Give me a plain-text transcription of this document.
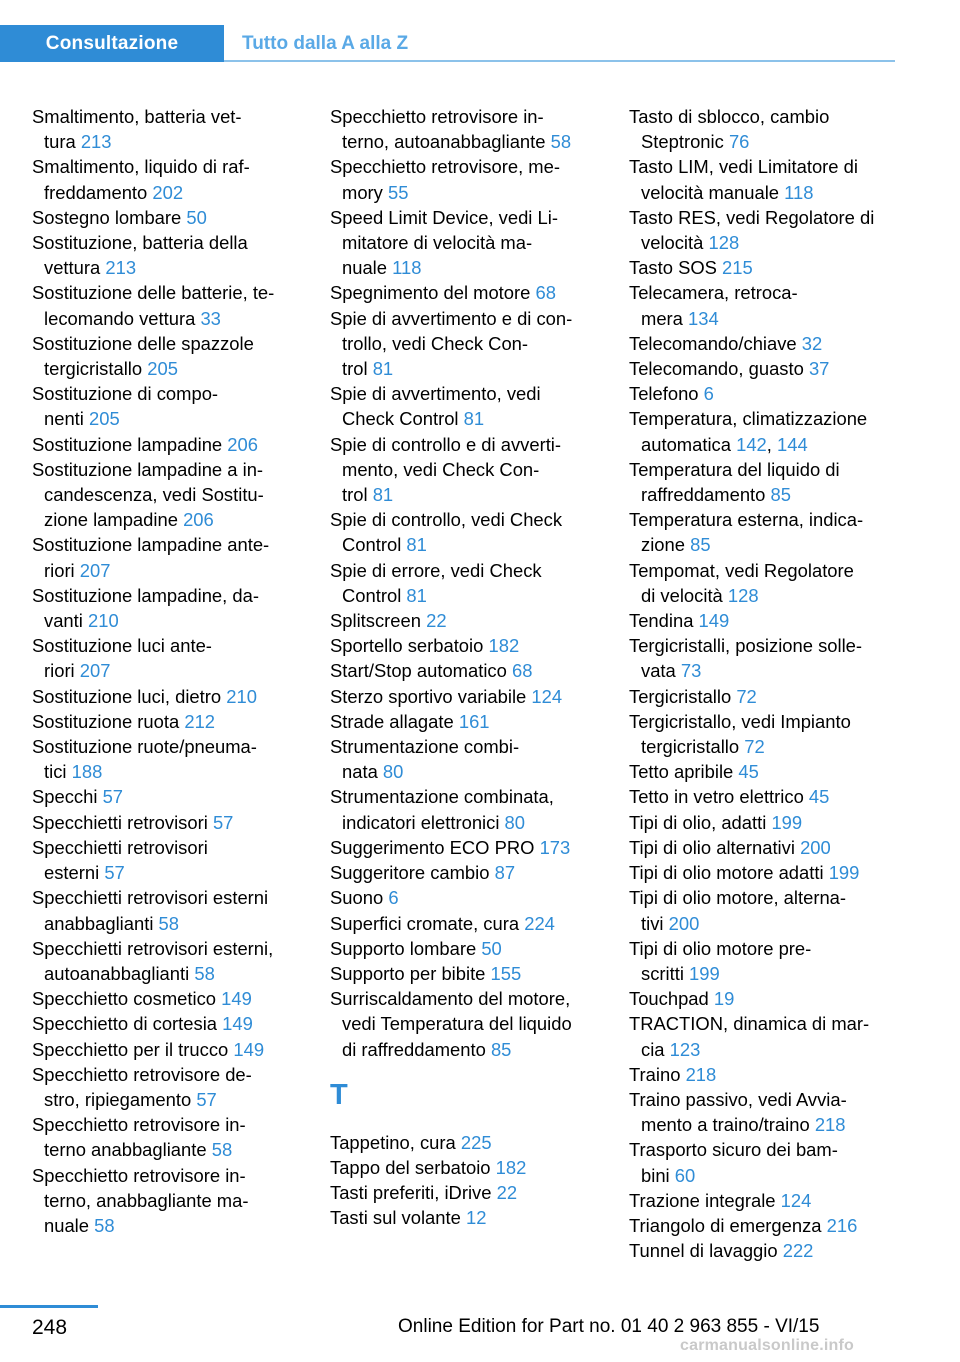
Consultazione	Tutto dalla A alla Z
Smaltimento, batteria vet-
tura 213
Smaltimento, liquido di raf-
freddamento 202
Sostegno lombare 50
Sostituzione, batteria della
vettura 213
Sostituzione delle batterie, te-
lecomando vettura 33
Sostituzione delle spazzole
tergicristallo 205
Sostituzione di compo-
nenti 205
Sostituzione lampadine 206
Sostituzione lampadine a in-
candescenza, vedi Sostitu-
zione lampadine 206
Sostituzione lampadine ante-
riori 207
Sostituzione lampadine, da-
vanti 210
Sostituzione luci ante-
riori 207
Sostituzione luci, dietro 210
Sostituzione ruota 212
Sostituzione ruote/pneuma-
tici 188
Specchi 57
Specchietti retrovisori 57
Specchietti retrovisori
esterni 57
Specchietti retrovisori esterni
anabbaglianti 58
Specchietti retrovisori esterni,
autoanabbaglianti 58
Specchietto cosmetico 149
Specchietto di cortesia 149
Specchietto per il trucco 149
Specchietto retrovisore de-
stro, ripiegamento 57
Specchietto retrovisore in-
terno anabbagliante 58
Specchietto retrovisore in-
terno, anabbagliante ma-
nuale 58
Specchietto retrovisore in-
terno, autoanabbagliante 58
Specchietto retrovisore, me-
mory 55
Speed Limit Device, vedi Li-
mitatore di velocità ma-
nuale 118
Spegnimento del motore 68
Spie di avvertimento e di con-
trollo, vedi Check Con-
trol 81
Spie di avvertimento, vedi
Check Control 81
Spie di controllo e di avverti-
mento, vedi Check Con-
trol 81
Spie di controllo, vedi Check
Control 81
Spie di errore, vedi Check
Control 81
Splitscreen 22
Sportello serbatoio 182
Start/Stop automatico 68
Sterzo sportivo variabile 124
Strade allagate 161
Strumentazione combi-
nata 80
Strumentazione combinata,
indicatori elettronici 80
Suggerimento ECO PRO 173
Suggeritore cambio 87
Suono 6
Superfici cromate, cura 224
Supporto lombare 50
Supporto per bibite 155
Surriscaldamento del motore,
vedi Temperatura del liquido
di raffreddamento 85
T
Tappetino, cura 225
Tappo del serbatoio 182
Tasti preferiti, iDrive 22
Tasti sul volante 12
Tasto di sblocco, cambio
Steptronic 76
Tasto LIM, vedi Limitatore di
velocità manuale 118
Tasto RES, vedi Regolatore di
velocità 128
Tasto SOS 215
Telecamera, retroca-
mera 134
Telecomando/chiave 32
Telecomando, guasto 37
Telefono 6
Temperatura, climatizzazione
automatica 142, 144
Temperatura del liquido di
raffreddamento 85
Temperatura esterna, indica-
zione 85
Tempomat, vedi Regolatore
di velocità 128
Tendina 149
Tergicristalli, posizione solle-
vata 73
Tergicristallo 72
Tergicristallo, vedi Impianto
tergicristallo 72
Tetto apribile 45
Tetto in vetro elettrico 45
Tipi di olio, adatti 199
Tipi di olio alternativi 200
Tipi di olio motore adatti 199
Tipi di olio motore, alterna-
tivi 200
Tipi di olio motore pre-
scritti 199
Touchpad 19
TRACTION, dinamica di mar-
cia 123
Traino 218
Traino passivo, vedi Avvia-
mento a traino/traino 218
Trasporto sicuro dei bam-
bini 60
Trazione integrale 124
Triangolo di emergenza 216
Tunnel di lavaggio 222
248	Online Edition for Part no. 01 40 2 963 855 - VI/15
carmanualsonline.info
